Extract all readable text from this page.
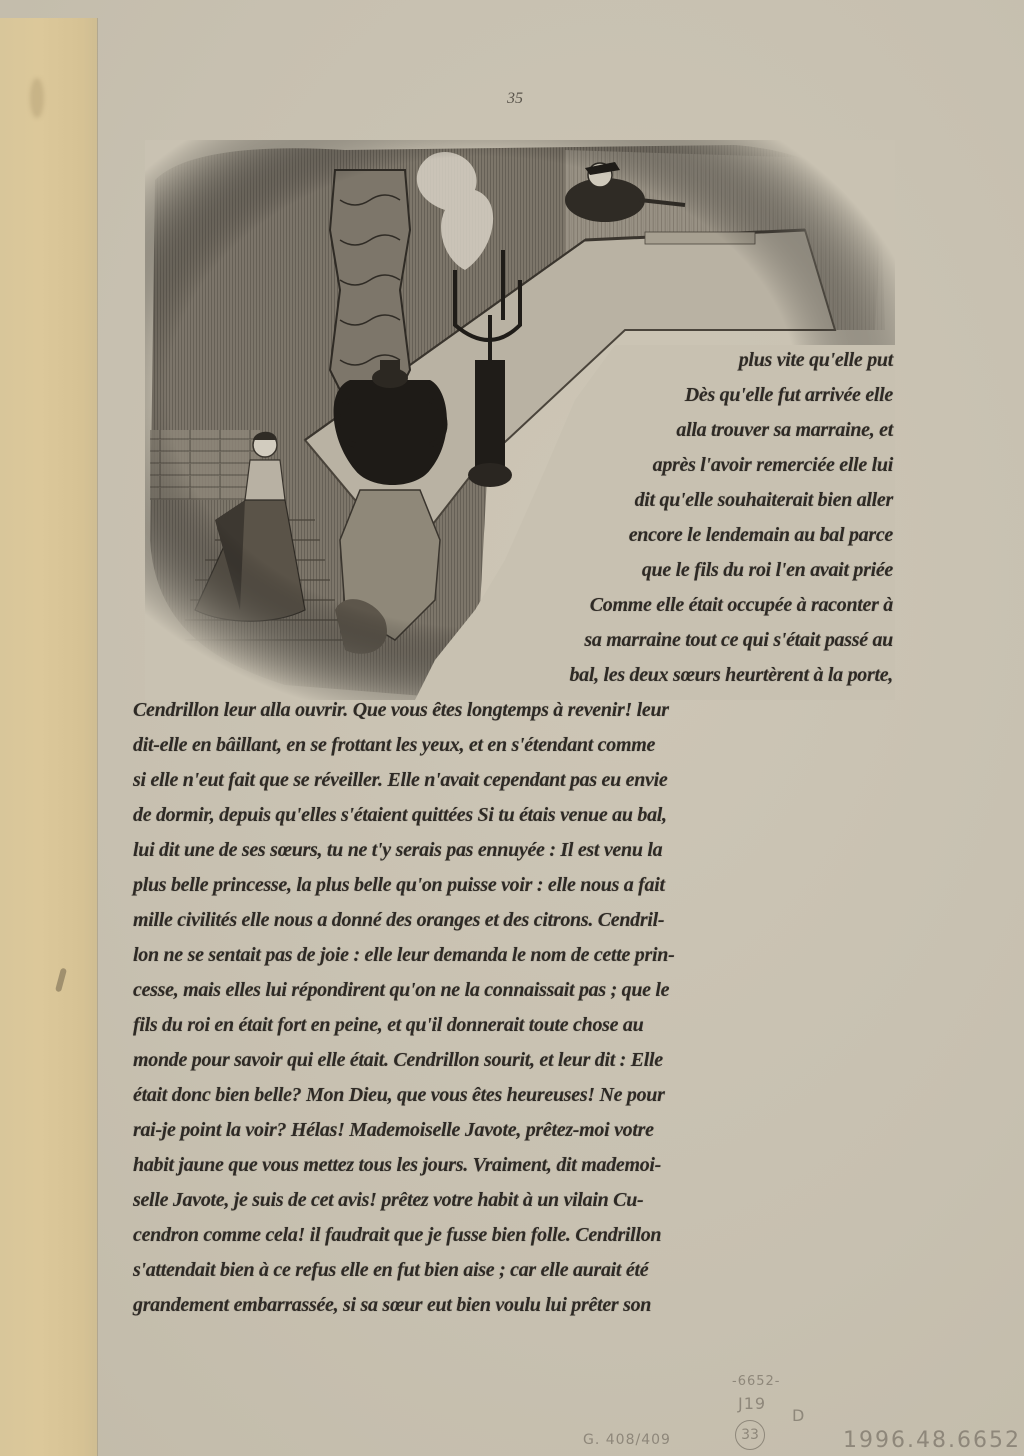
35
plus vite qu'elle put
Dès qu'elle fut arrivée elle
alla trouver sa marraine, et
après l'avoir remerciée elle lui
dit qu'elle souhaiterait bien aller
encore le lendemain au bal parce
que le fils du roi l'en avait priée
Comme elle était occupée à raconter à
sa marraine tout ce qui s'était passé au
bal, les deux sœurs heurtèrent à la porte,
Cendrillon leur alla ouvrir. Que vous êtes longtemps à revenir! leur
dit-elle en bâillant, en se frottant les yeux, et en s'étendant comme
si elle n'eut fait que se réveiller. Elle n'avait cependant pas eu envie
de dormir, depuis qu'elles s'étaient quittées Si tu étais venue au bal,
lui dit une de ses sœurs, tu ne t'y serais pas ennuyée : Il est venu la
plus belle princesse, la plus belle qu'on puisse voir : elle nous a fait
mille civilités elle nous a donné des oranges et des citrons. Cendril-
lon ne se sentait pas de joie : elle leur demanda le nom de cette prin-
cesse, mais elles lui répondirent qu'on ne la connaissait pas ; que le
fils du roi en était fort en peine, et qu'il donnerait toute chose au
monde pour savoir qui elle était. Cendrillon sourit, et leur dit : Elle
était donc bien belle? Mon Dieu, que vous êtes heureuses! Ne pour
rai-je point la voir? Hélas! Mademoiselle Javote, prêtez-moi votre
habit jaune que vous mettez tous les jours. Vraiment, dit mademoi-
selle Javote, je suis de cet avis! prêtez votre habit à un vilain Cu-
cendron comme cela! il faudrait que je fusse bien folle. Cendrillon
s'attendait bien à ce refus elle en fut bien aise ; car elle aurait été
grandement embarrassée, si sa sœur eut bien voulu lui prêter son
-6652-
J19
D
33
G. 408/409	1996.48.6652
